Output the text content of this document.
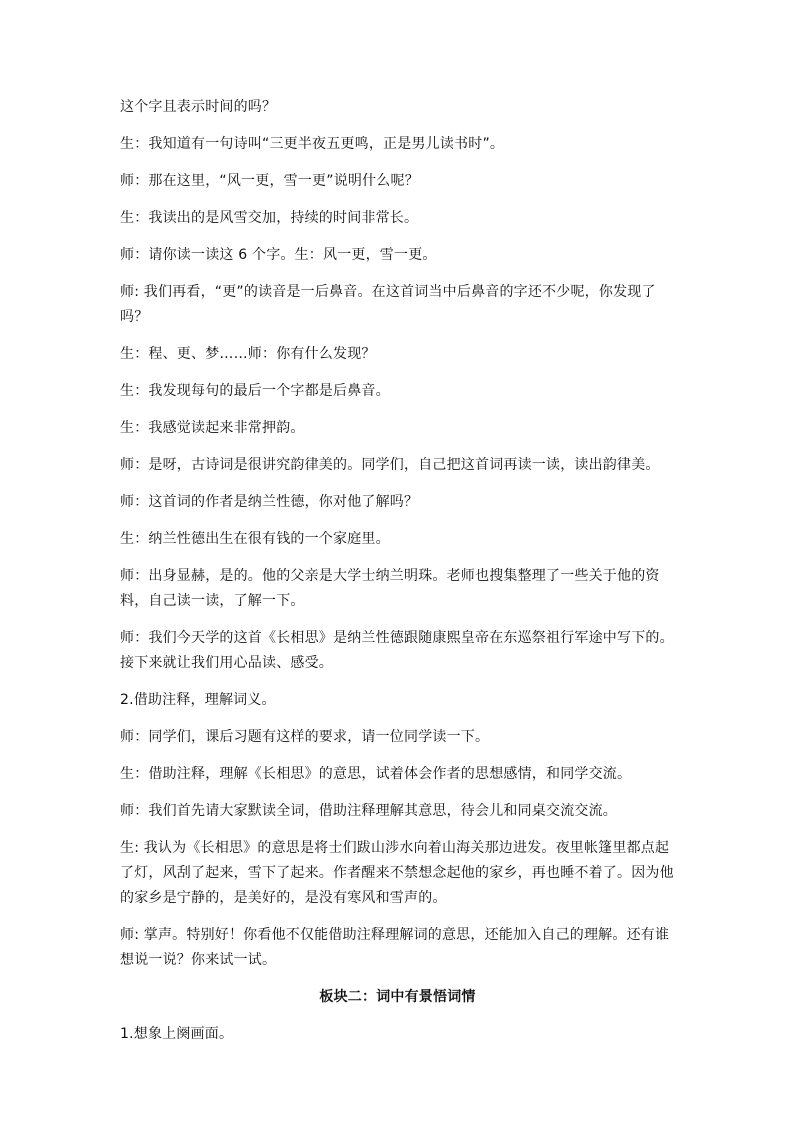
这个字且表示时间的吗？

生：我知道有一句诗叫“三更半夜五更鸣，正是男儿读书时”。

师：那在这里，“风一更，雪一更”说明什么呢？

生：我读出的是风雪交加，持续的时间非常长。

师：请你读一读这 6 个字。生：风一更，雪一更。

师: 我们再看，“更”的读音是一后鼻音。在这首词当中后鼻音的字还不少呢，你发现了吗？

生：程、更、梦……师：你有什么发现？

生：我发现每句的最后一个字都是后鼻音。

生：我感觉读起来非常押韵。

师：是呀，古诗词是很讲究韵律美的。同学们，自己把这首词再读一读，读出韵律美。

师：这首词的作者是纳兰性德，你对他了解吗？

生：纳兰性德出生在很有钱的一个家庭里。

师：出身显赫，是的。他的父亲是大学士纳兰明珠。老师也搜集整理了一些关于他的资料，自己读一读，了解一下。

师：我们今天学的这首《长相思》是纳兰性德跟随康熙皇帝在东巡祭祖行军途中写下的。接下来就让我们用心品读、感受。

2.借助注释，理解词义。

师：同学们，课后习题有这样的要求，请一位同学读一下。

生：借助注释，理解《长相思》的意思，试着体会作者的思想感情，和同学交流。

师：我们首先请大家默读全词，借助注释理解其意思，待会儿和同桌交流交流。

生: 我认为《长相思》的意思是将士们跋山涉水向着山海关那边进发。夜里帐篷里都点起了灯，风刮了起来，雪下了起来。作者醒来不禁想念起他的家乡，再也睡不着了。因为他的家乡是宁静的，是美好的，是没有寒风和雪声的。

师: 掌声。特别好！你看他不仅能借助注释理解词的意思，还能加入自己的理解。还有谁想说一说？你来试一试。

板块二：词中有景悟词情

1.想象上阕画面。
